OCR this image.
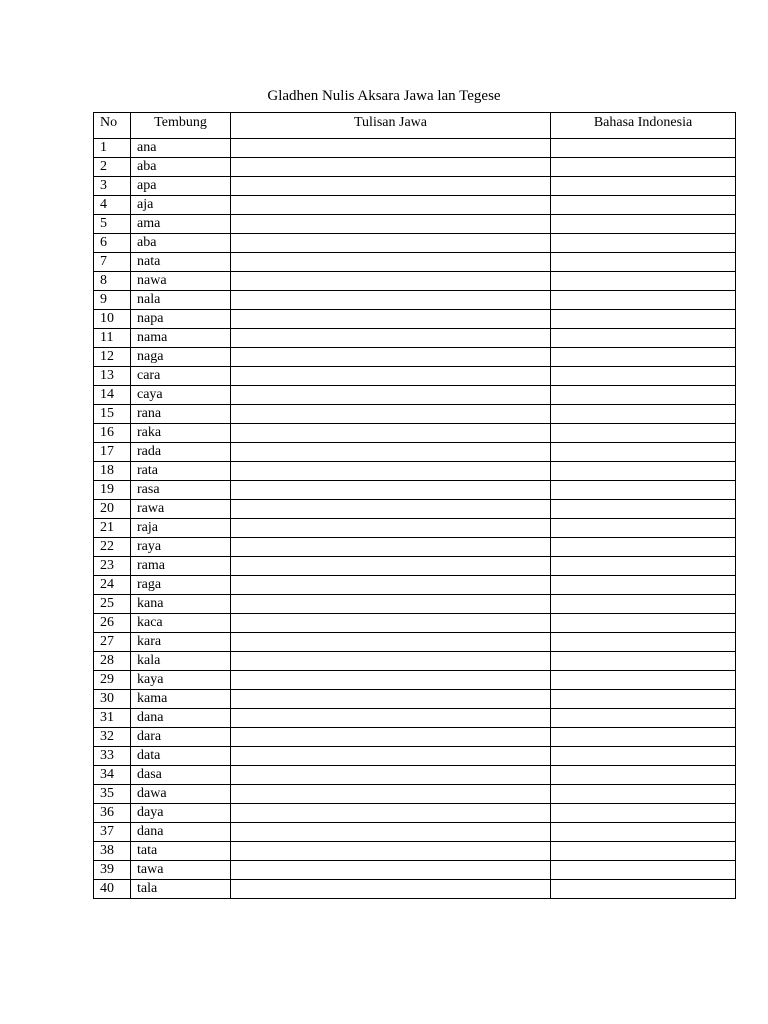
Gladhen Nulis Aksara Jawa lan Tegese
No	Tembung	Tulisan Jawa	Bahasa Indonesia
1	ana		
2	aba		
3	apa		
4	aja		
5	ama		
6	aba		
7	nata		
8	nawa		
9	nala		
10	napa		
11	nama		
12	naga		
13	cara		
14	caya		
15	rana		
16	raka		
17	rada		
18	rata		
19	rasa		
20	rawa		
21	raja		
22	raya		
23	rama		
24	raga		
25	kana		
26	kaca		
27	kara		
28	kala		
29	kaya		
30	kama		
31	dana		
32	dara		
33	data		
34	dasa		
35	dawa		
36	daya		
37	dana		
38	tata		
39	tawa		
40	tala		
